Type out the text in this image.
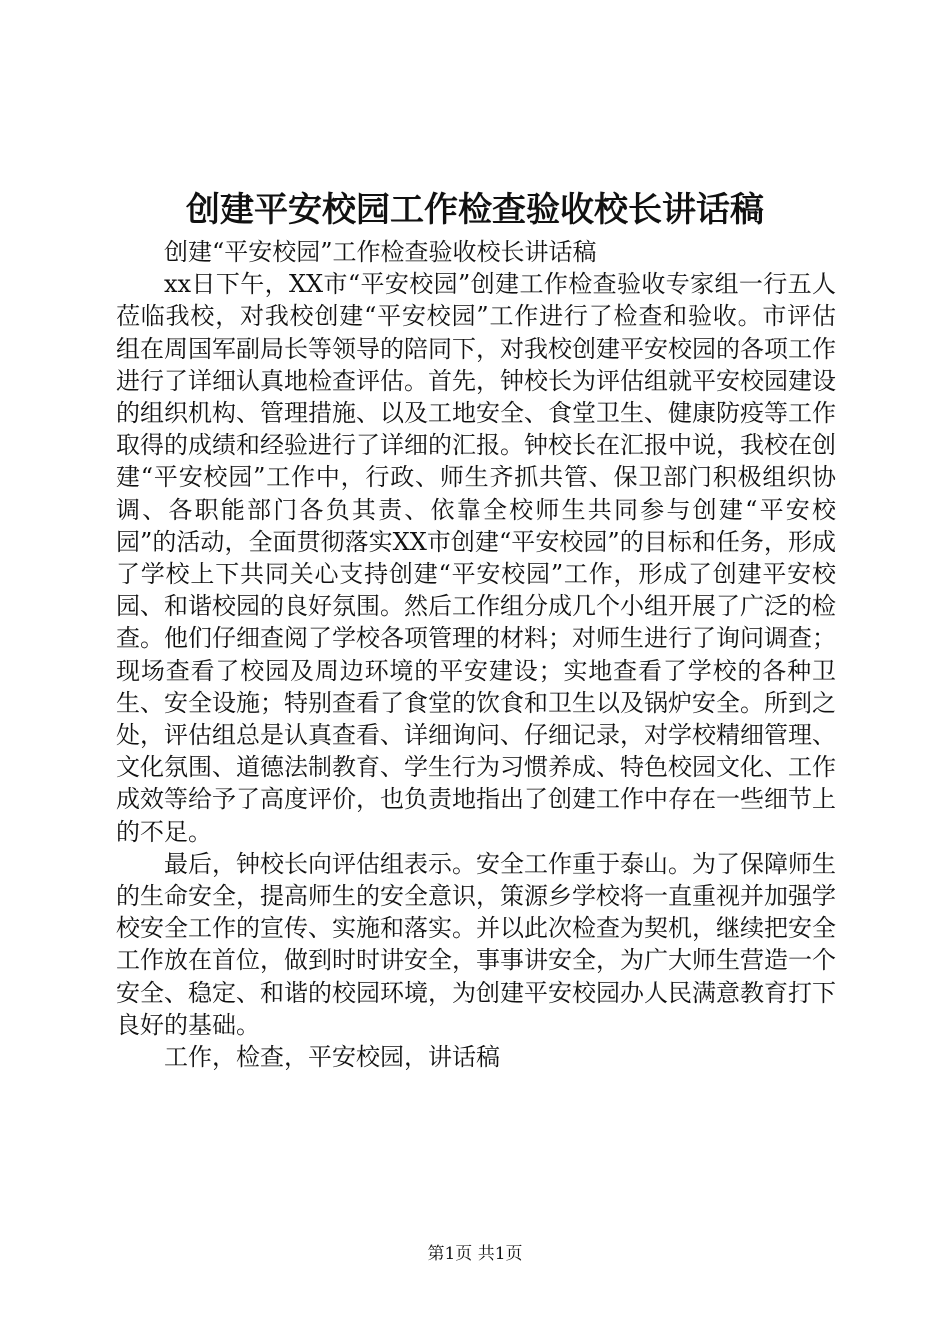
创建平安校园工作检查验收校长讲话稿

创建“平安校园”工作检查验收校长讲话稿

xx日下午，XX市“平安校园”创建工作检查验收专家组一行五人莅临我校，对我校创建“平安校园”工作进行了检查和验收。市评估组在周国军副局长等领导的陪同下，对我校创建平安校园的各项工作进行了详细认真地检查评估。首先，钟校长为评估组就平安校园建设的组织机构、管理措施、以及工地安全、食堂卫生、健康防疫等工作取得的成绩和经验进行了详细的汇报。钟校长在汇报中说，我校在创建“平安校园”工作中，行政、师生齐抓共管、保卫部门积极组织协调、各职能部门各负其责、依靠全校师生共同参与创建“平安校园”的活动，全面贯彻落实XX市创建“平安校园”的目标和任务，形成了学校上下共同关心支持创建“平安校园”工作，形成了创建平安校园、和谐校园的良好氛围。然后工作组分成几个小组开展了广泛的检查。他们仔细查阅了学校各项管理的材料；对师生进行了询问调查；现场查看了校园及周边环境的平安建设；实地查看了学校的各种卫生、安全设施；特别查看了食堂的饮食和卫生以及锅炉安全。所到之处，评估组总是认真查看、详细询问、仔细记录，对学校精细管理、文化氛围、道德法制教育、学生行为习惯养成、特色校园文化、工作成效等给予了高度评价，也负责地指出了创建工作中存在一些细节上的不足。

最后，钟校长向评估组表示。安全工作重于泰山。为了保障师生的生命安全，提高师生的安全意识，策源乡学校将一直重视并加强学校安全工作的宣传、实施和落实。并以此次检查为契机，继续把安全工作放在首位，做到时时讲安全，事事讲安全，为广大师生营造一个安全、稳定、和谐的校园环境，为创建平安校园办人民满意教育打下良好的基础。

工作，检查，平安校园，讲话稿

第1页 共1页
